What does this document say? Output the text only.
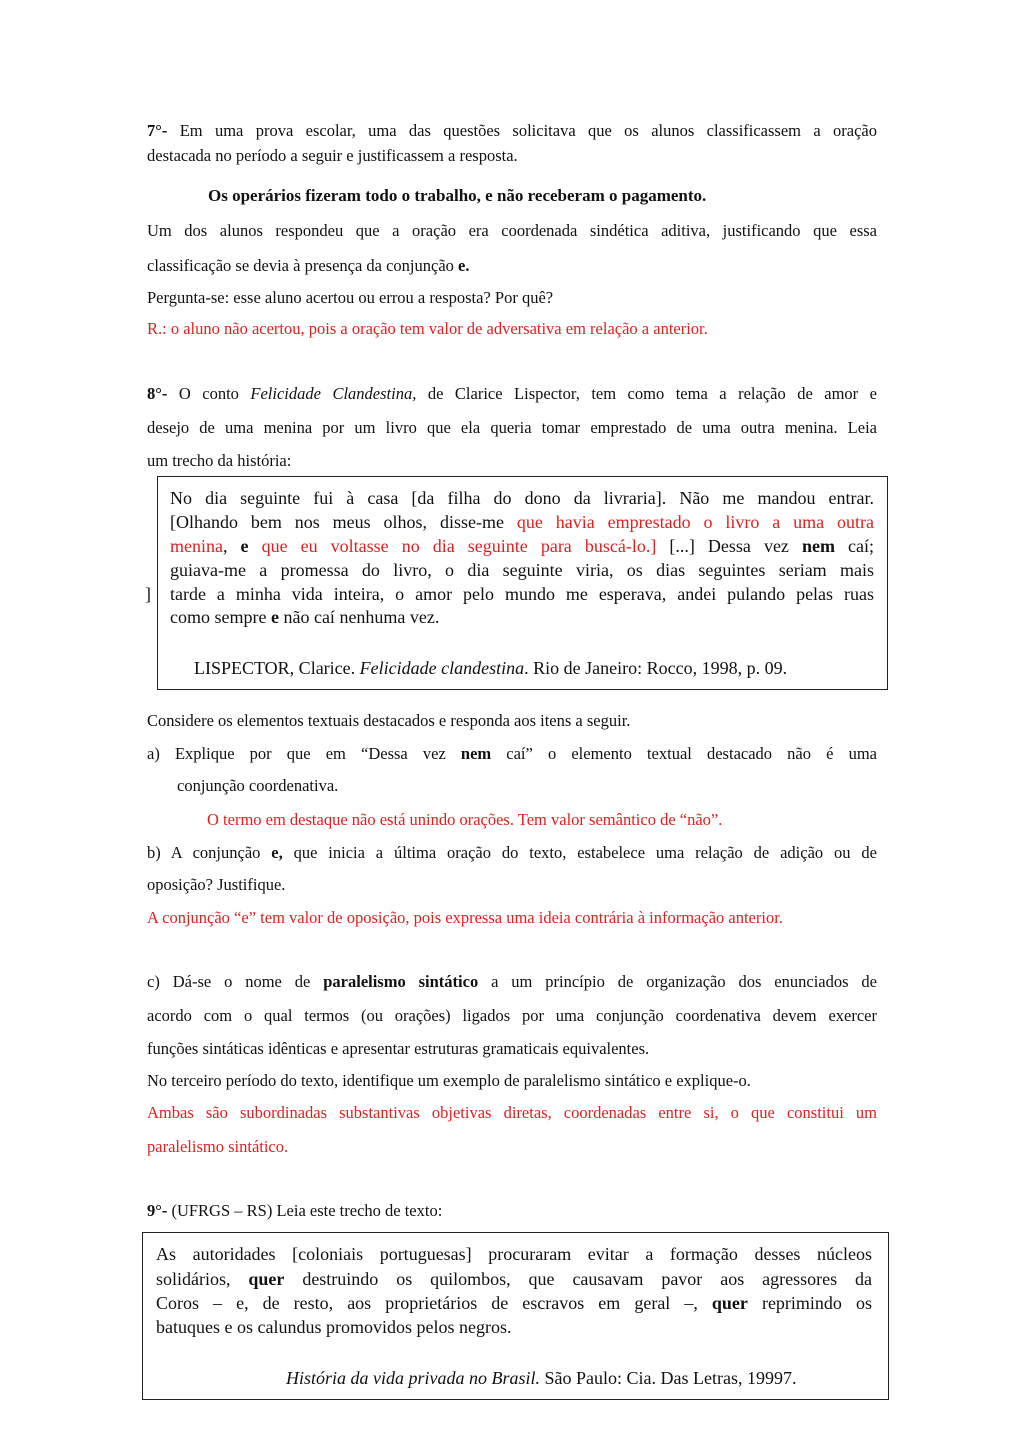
7°- Em uma prova escolar, uma das questões solicitava que os alunos classificassem a oração
destacada no período a seguir e justificassem a resposta.
Os operários fizeram todo o trabalho, e não receberam o pagamento.
Um dos alunos respondeu que a oração era coordenada sindética aditiva, justificando que essa
classificação se devia à presença da conjunção e.
Pergunta-se: esse aluno acertou ou errou a resposta? Por quê?
R.: o aluno não acertou, pois a oração tem valor de adversativa em relação a anterior.
8°- O conto Felicidade Clandestina, de Clarice Lispector, tem como tema a relação de amor e
desejo de uma menina por um livro que ela queria tomar emprestado de uma outra menina. Leia
um trecho da história:
No dia seguinte fui à casa [da filha do dono da livraria]. Não me mandou entrar.
[Olhando bem nos meus olhos, disse-me que havia emprestado o livro a uma outra
menina, e que eu voltasse no dia seguinte para buscá-lo.] [...] Dessa vez nem caí;
guiava-me a promessa do livro, o dia seguinte viria, os dias seguintes seriam mais
tarde a minha vida inteira, o amor pelo mundo me esperava, andei pulando pelas ruas
como sempre e não caí nenhuma vez.
LISPECTOR, Clarice. Felicidade clandestina. Rio de Janeiro: Rocco, 1998, p. 09.
]
Considere os elementos textuais destacados e responda aos itens a seguir.
a) Explique por que em “Dessa vez nem caí” o elemento textual destacado não é uma
conjunção coordenativa.
O termo em destaque não está unindo orações. Tem valor semântico de “não”.
b) A conjunção e, que inicia a última oração do texto, estabelece uma relação de adição ou de
oposição? Justifique.
A conjunção “e” tem valor de oposição, pois expressa uma ideia contrária à informação anterior.
c) Dá-se o nome de paralelismo sintático a um princípio de organização dos enunciados de
acordo com o qual termos (ou orações) ligados por uma conjunção coordenativa devem exercer
funções sintáticas idênticas e apresentar estruturas gramaticais equivalentes.
No terceiro período do texto, identifique um exemplo de paralelismo sintático e explique-o.
Ambas são subordinadas substantivas objetivas diretas, coordenadas entre si, o que constitui um
paralelismo sintático.
9°- (UFRGS – RS) Leia este trecho de texto:
As autoridades [coloniais portuguesas] procuraram evitar a formação desses núcleos
solidários, quer destruindo os quilombos, que causavam pavor aos agressores da
Coros – e, de resto, aos proprietários de escravos em geral –, quer reprimindo os
batuques e os calundus promovidos pelos negros.
História da vida privada no Brasil. São Paulo: Cia. Das Letras, 19997.
